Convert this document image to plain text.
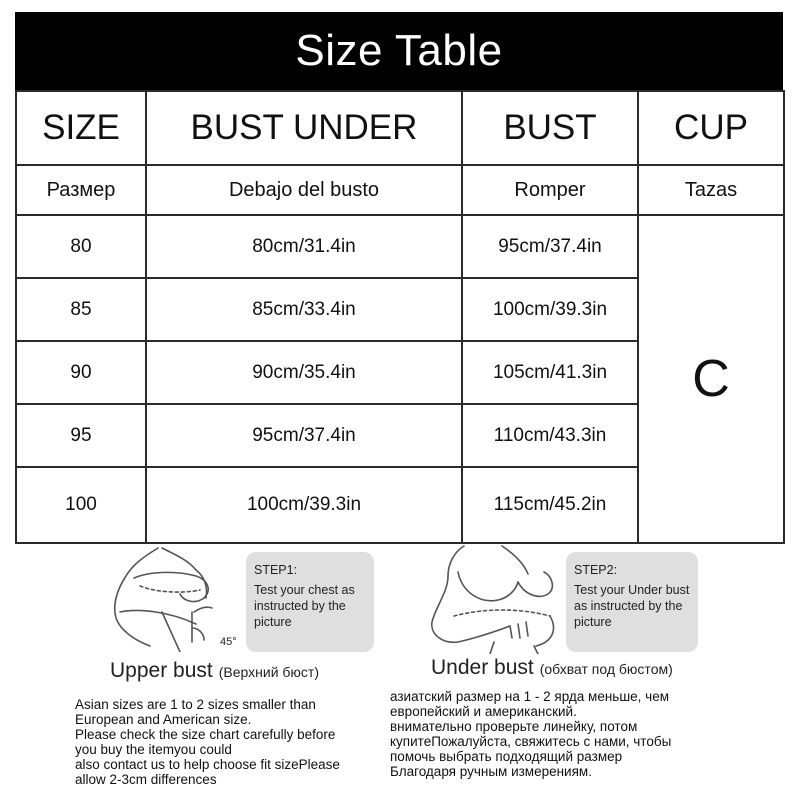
Size Table
SIZE	BUST UNDER	BUST	CUP
Размер	Debajo del busto	Romper	Tazas
80	80cm/31.4in	95cm/37.4in	C
85	85cm/33.4in	100cm/39.3in	
90	90cm/35.4in	105cm/41.3in	
95	95cm/37.4in	110cm/43.3in	
100	100cm/39.3in	115cm/45.2in	
45°
STEP1:
Test your chest as instructed by the picture
Upper bust (Верхний бюст)
STEP2:
Test your Under bust as instructed by the picture
Under bust (обхват под бюстом)
Asian sizes are 1 to 2 sizes smaller than
European and American size.
Please check the size chart carefully before
you buy the itemyou could
also contact us to help choose fit sizePlease
allow 2-3cm differences
азиатский размер на 1 - 2 ярда меньше, чем
европейский и американский.
внимательно проверьте линейку, потом
купитеПожалуйста, свяжитесь с нами, чтобы
помочь выбрать подходящий размер
Благодаря ручным измерениям.
